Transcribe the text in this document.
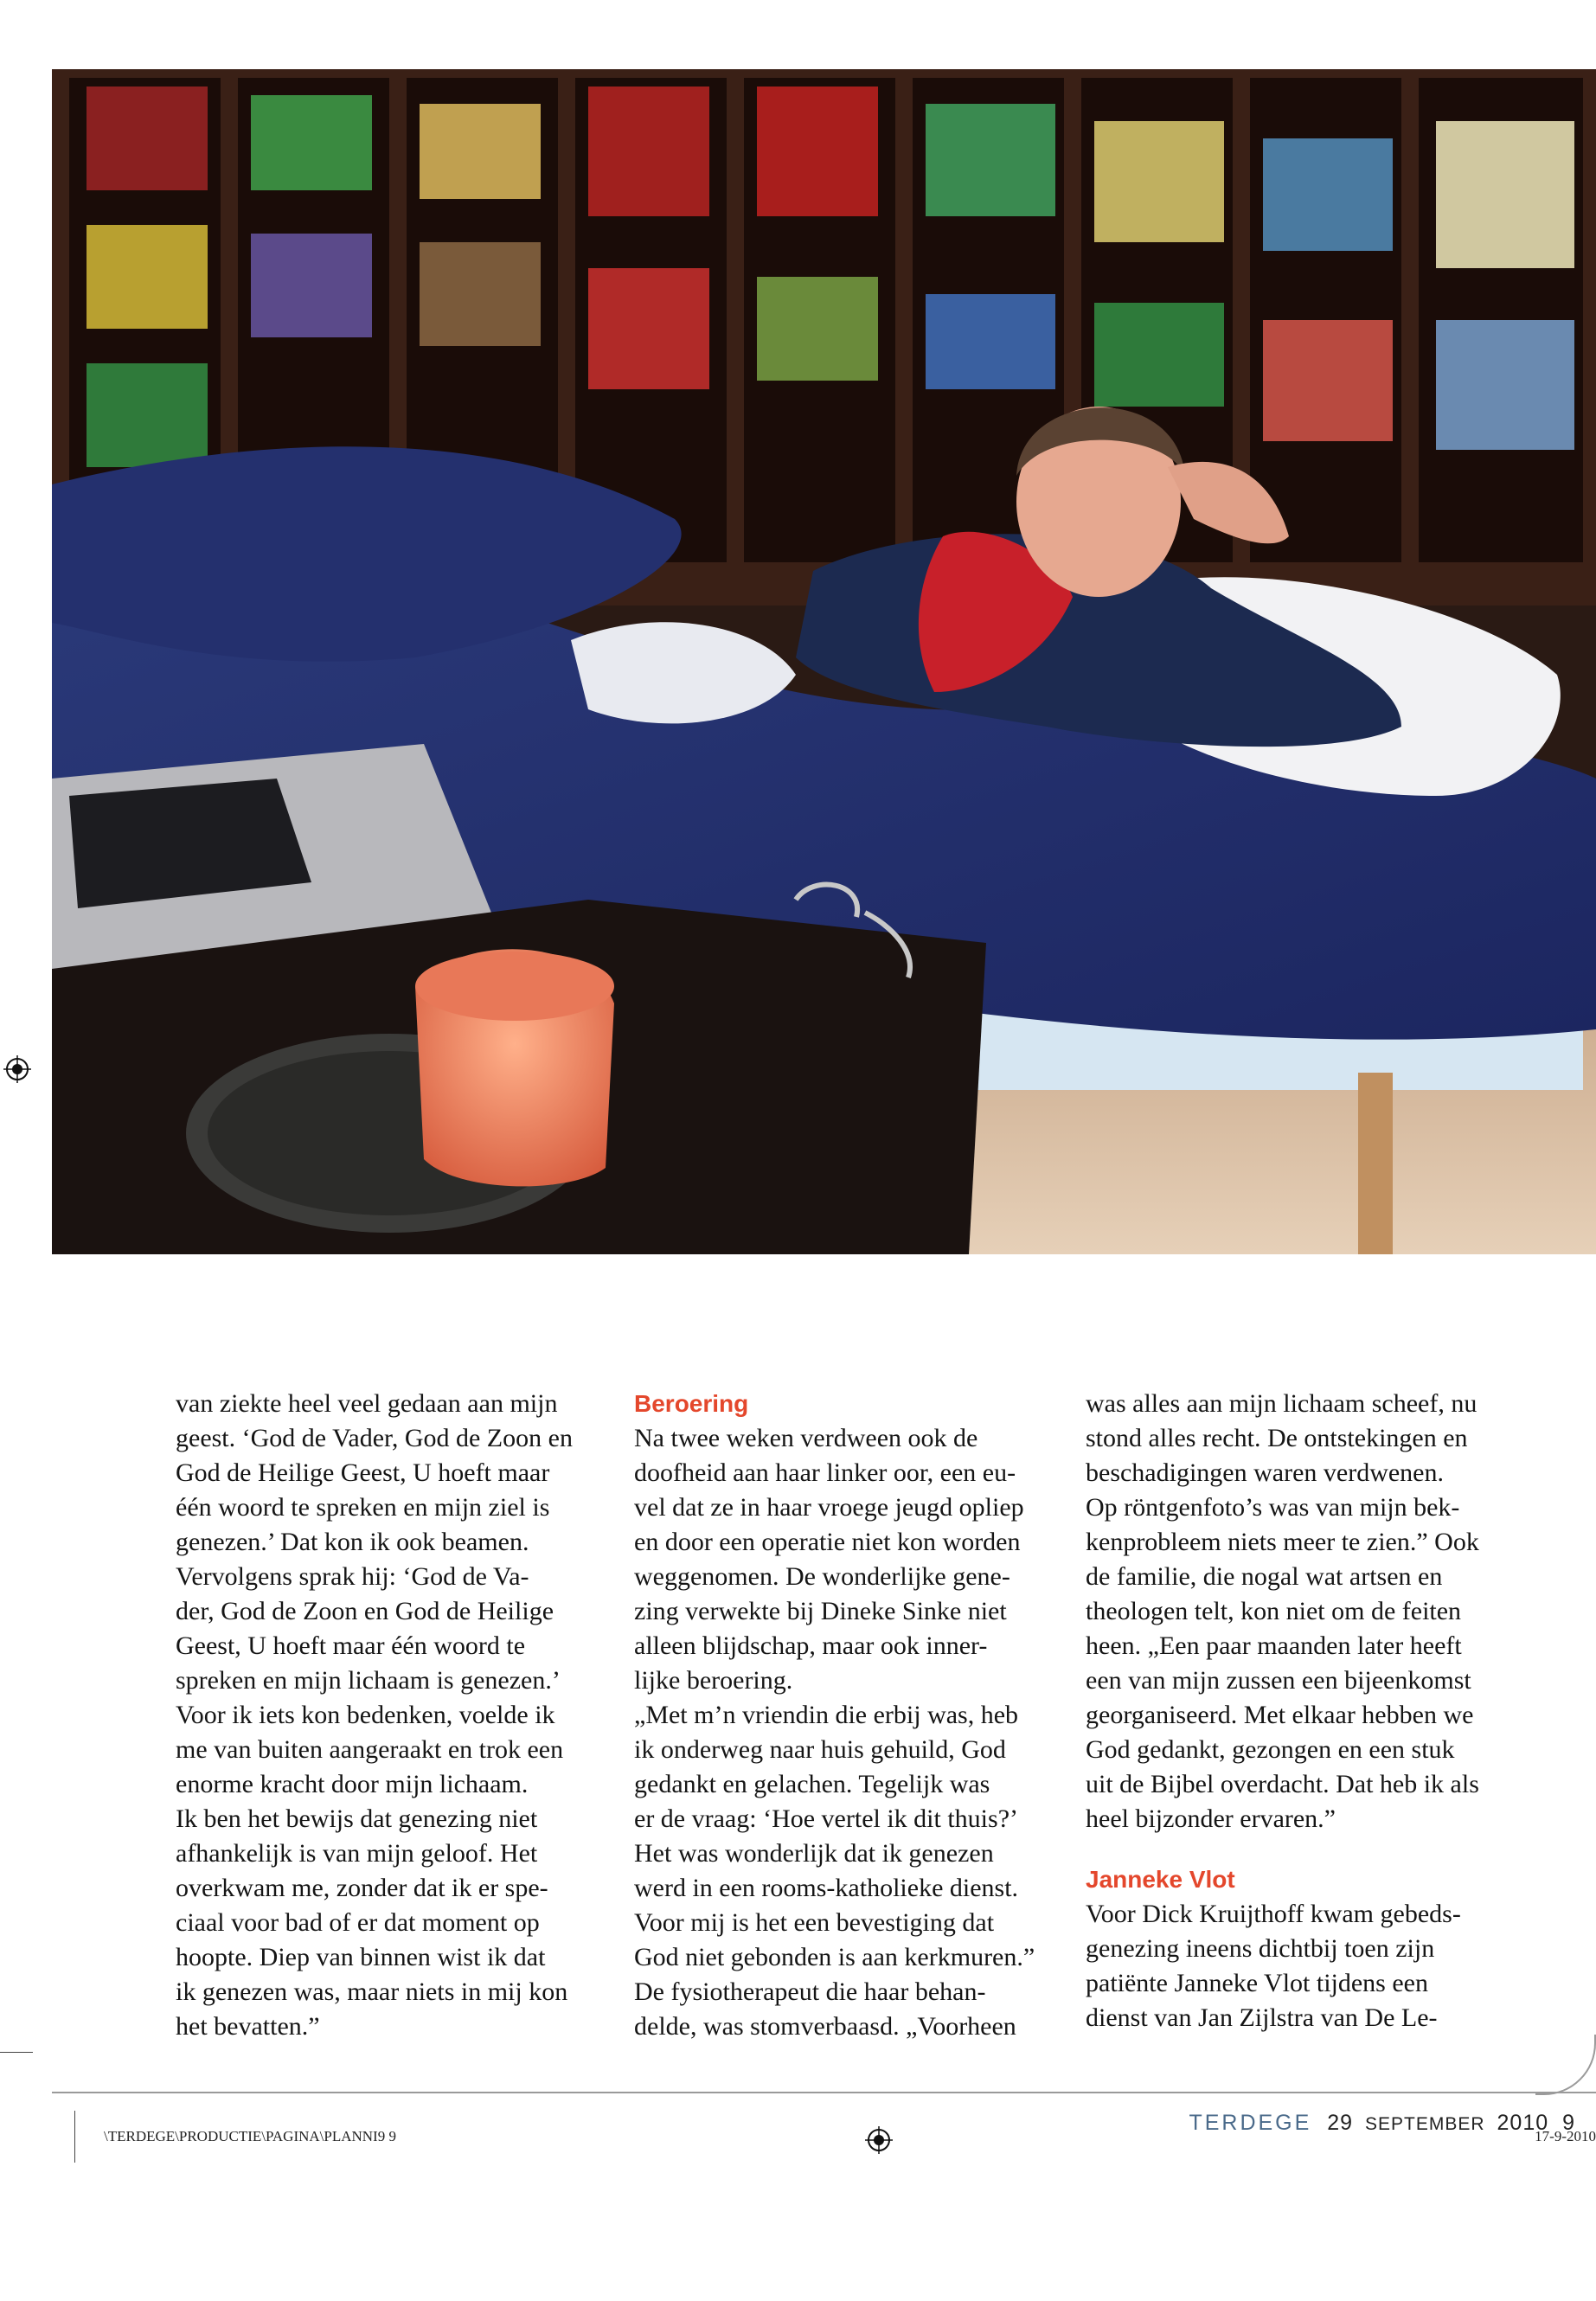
van ziekte heel veel gedaan aan mijn
geest. ‘God de Vader, God de Zoon en
God de Heilige Geest, U hoeft maar
één woord te spreken en mijn ziel is
genezen.’ Dat kon ik ook beamen.
Vervolgens sprak hij: ‘God de Va-
der, God de Zoon en God de Heilige
Geest, U hoeft maar één woord te
spreken en mijn lichaam is genezen.’
Voor ik iets kon bedenken, voelde ik
me van buiten aangeraakt en trok een
enorme kracht door mijn lichaam.
Ik ben het bewijs dat genezing niet
afhankelijk is van mijn geloof. Het
overkwam me, zonder dat ik er spe-
ciaal voor bad of er dat moment op
hoopte. Diep van binnen wist ik dat
ik genezen was, maar niets in mij kon
het bevatten.”

Beroering

Na twee weken verdween ook de
doofheid aan haar linker oor, een eu-
vel dat ze in haar vroege jeugd opliep
en door een operatie niet kon worden
weggenomen. De wonderlijke gene-
zing verwekte bij Dineke Sinke niet
alleen blijdschap, maar ook inner-
lijke beroering.

„Met m’n vriendin die erbij was, heb
ik onderweg naar huis gehuild, God
gedankt en gelachen. Tegelijk was
er de vraag: ‘Hoe vertel ik dit thuis?’
Het was wonderlijk dat ik genezen
werd in een rooms-katholieke dienst.
Voor mij is het een bevestiging dat
God niet gebonden is aan kerkmuren.”
De fysiotherapeut die haar behan-
delde, was stomverbaasd. „Voorheen

was alles aan mijn lichaam scheef, nu
stond alles recht. De ontstekingen en
beschadigingen waren verdwenen.
Op röntgenfoto’s was van mijn bek-
kenprobleem niets meer te zien.” Ook
de familie, die nogal wat artsen en
theologen telt, kon niet om de feiten
heen. „Een paar maanden later heeft
een van mijn zussen een bijeenkomst
georganiseerd. Met elkaar hebben we
God gedankt, gezongen en een stuk
uit de Bijbel overdacht. Dat heb ik als
heel bijzonder ervaren.”

Janneke Vlot

Voor Dick Kruijthoff kwam gebeds-
genezing ineens dichtbij toen zijn
patiënte Janneke Vlot tijdens een
dienst van Jan Zijlstra van De Le-

TERDEGE 29 SEPTEMBER 2010 9
\TERDEGE\PRODUCTIE\PAGINA\PLANNI9 9	17-9-2010
